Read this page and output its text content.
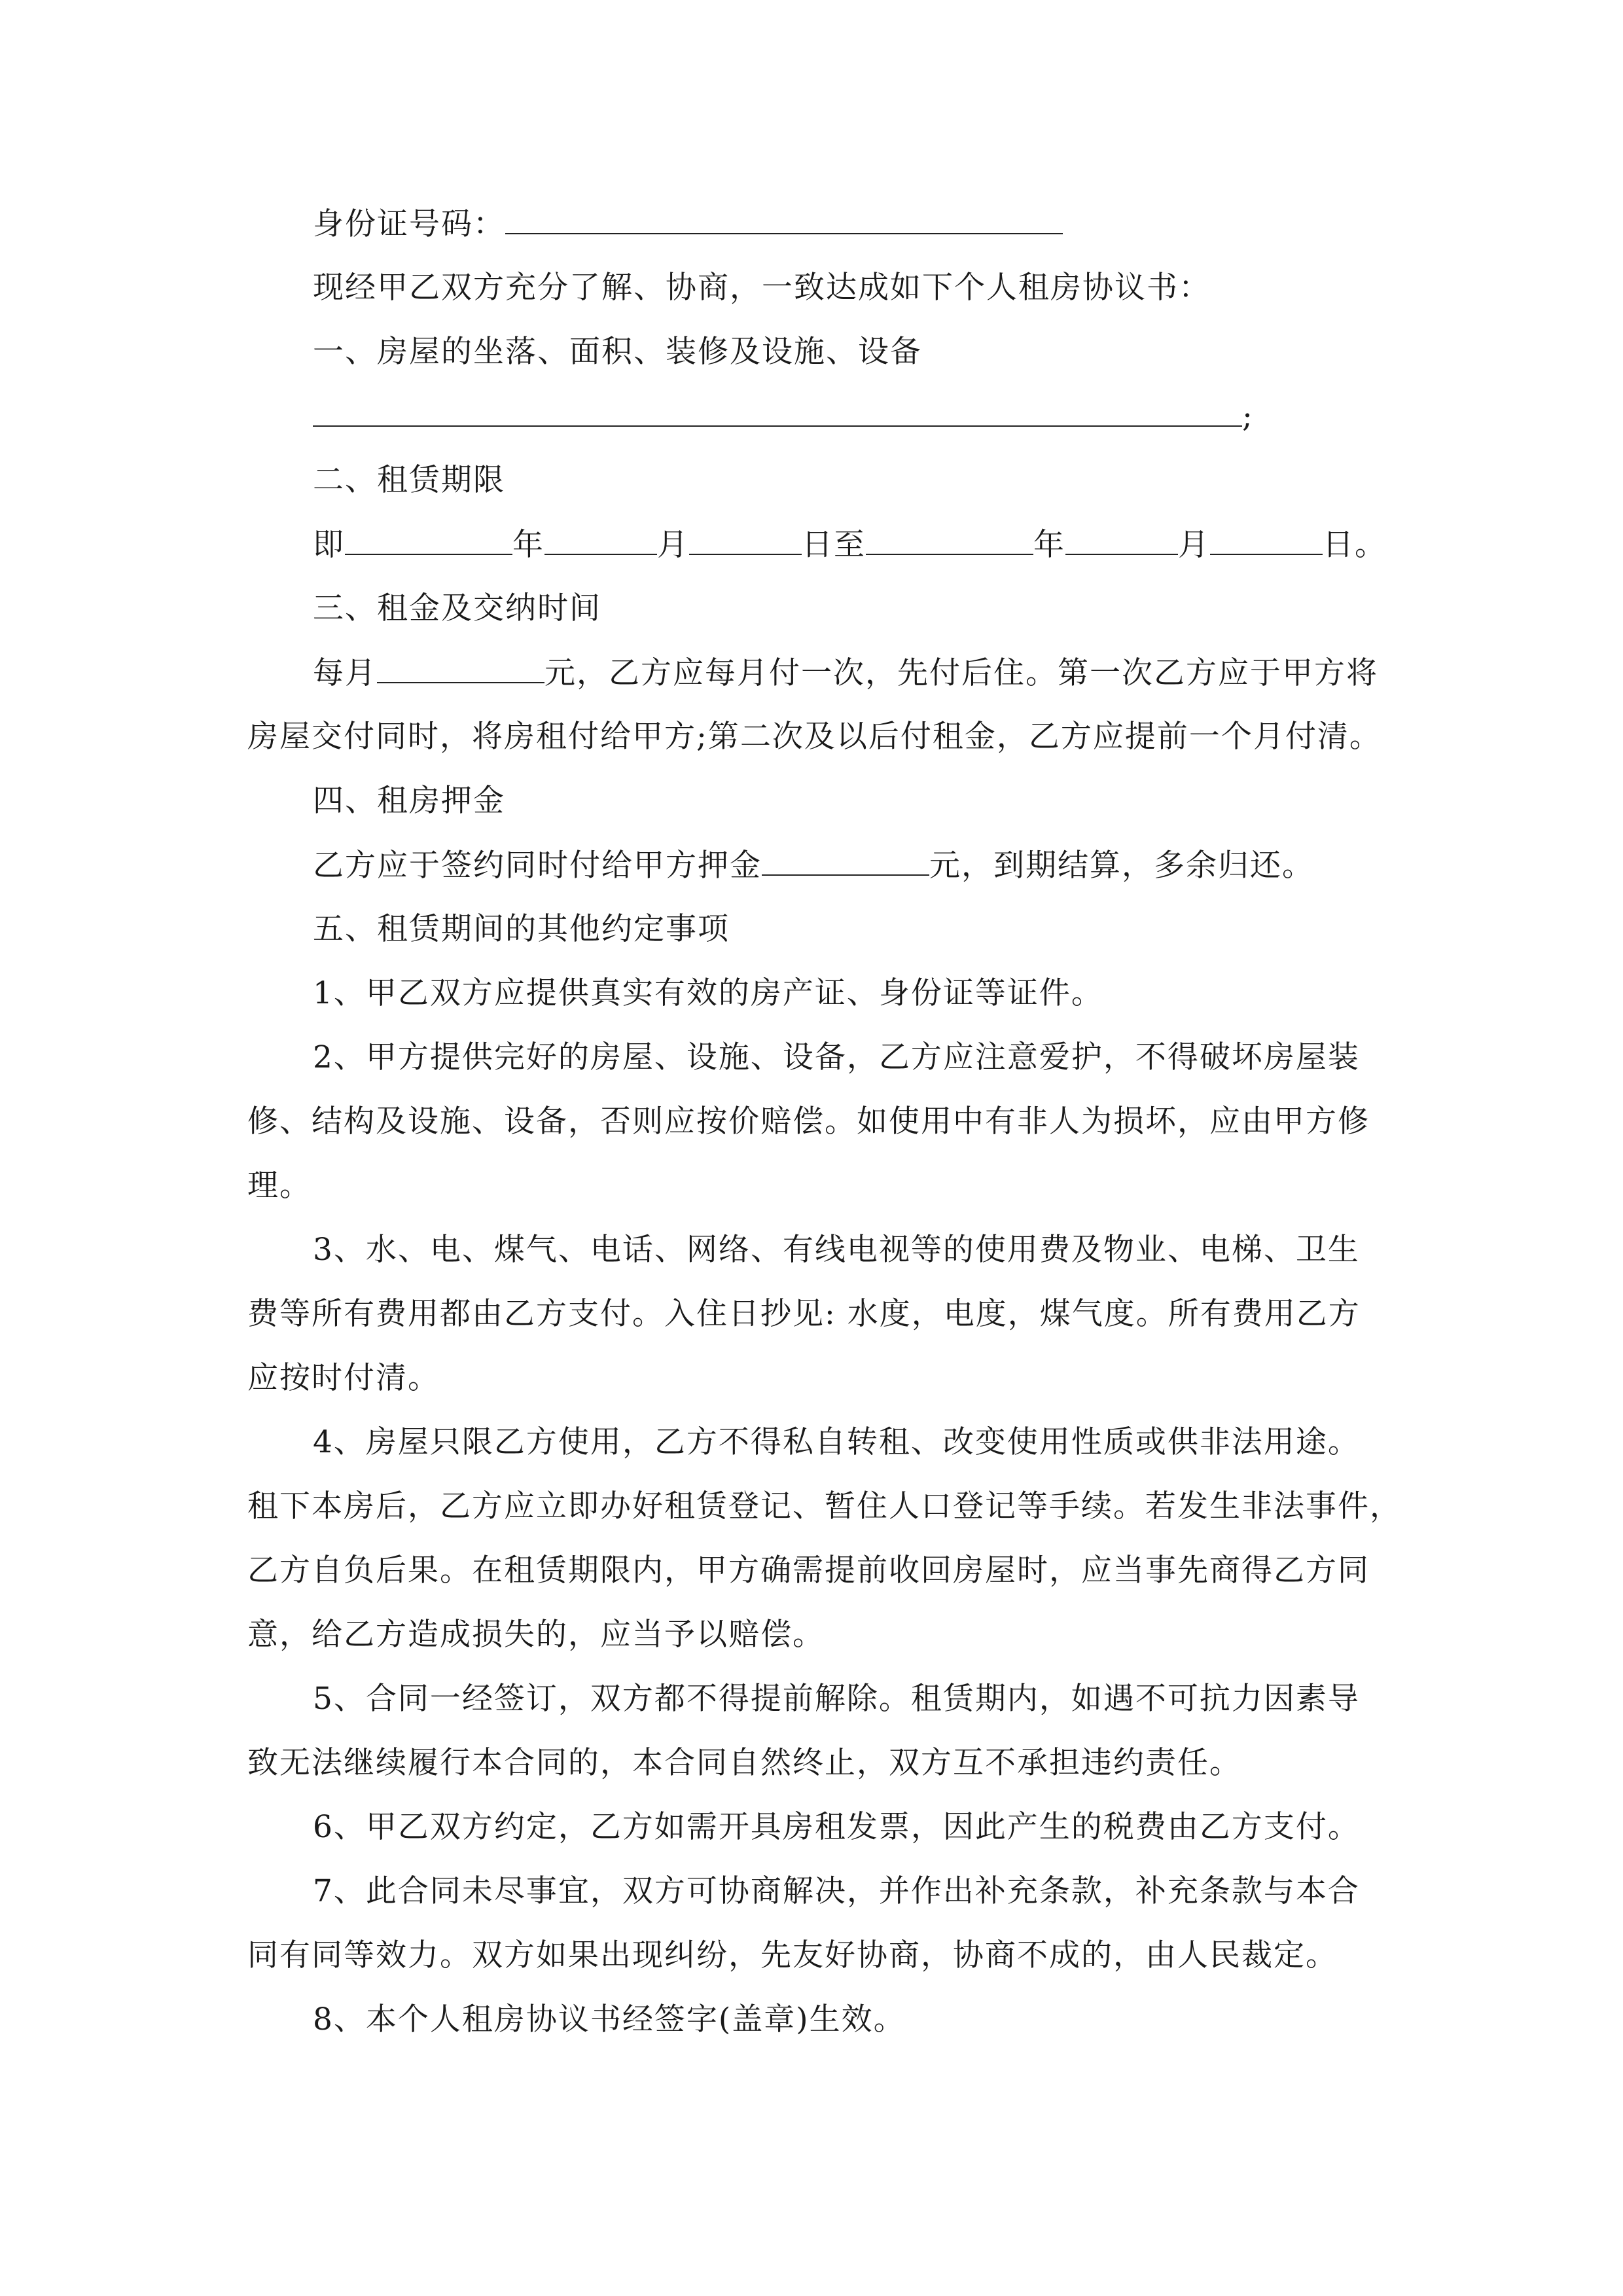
身份证号码：
现经甲乙双方充分了解、协商，一致达成如下个人租房协议书：
一、房屋的坐落、面积、装修及设施、设备
;
二、租赁期限
即	年	月	日至	年	月	日。
三、租金及交纳时间
每月	元，乙方应每月付一次，先付后住。第一次乙方应于甲方将
房屋交付同时，将房租付给甲方;第二次及以后付租金，乙方应提前一个月付清。
四、租房押金
乙方应于签约同时付给甲方押金	元，到期结算，多余归还。
五、租赁期间的其他约定事项
1、甲乙双方应提供真实有效的房产证、身份证等证件。
2、甲方提供完好的房屋、设施、设备，乙方应注意爱护，不得破坏房屋装
修、结构及设施、设备，否则应按价赔偿。如使用中有非人为损坏，应由甲方修
理。
3、水、电、煤气、电话、网络、有线电视等的使用费及物业、电梯、卫生
费等所有费用都由乙方支付。入住日抄见: 水度，电度，煤气度。所有费用乙方
应按时付清。
4、房屋只限乙方使用，乙方不得私自转租、改变使用性质或供非法用途。
租下本房后，乙方应立即办好租赁登记、暂住人口登记等手续。若发生非法事件，
乙方自负后果。在租赁期限内，甲方确需提前收回房屋时，应当事先商得乙方同
意，给乙方造成损失的，应当予以赔偿。
5、合同一经签订，双方都不得提前解除。租赁期内，如遇不可抗力因素导
致无法继续履行本合同的，本合同自然终止，双方互不承担违约责任。
6、甲乙双方约定，乙方如需开具房租发票，因此产生的税费由乙方支付。
7、此合同未尽事宜，双方可协商解决，并作出补充条款，补充条款与本合
同有同等效力。双方如果出现纠纷，先友好协商，协商不成的，由人民裁定。
8、本个人租房协议书经签字(盖章)生效。
